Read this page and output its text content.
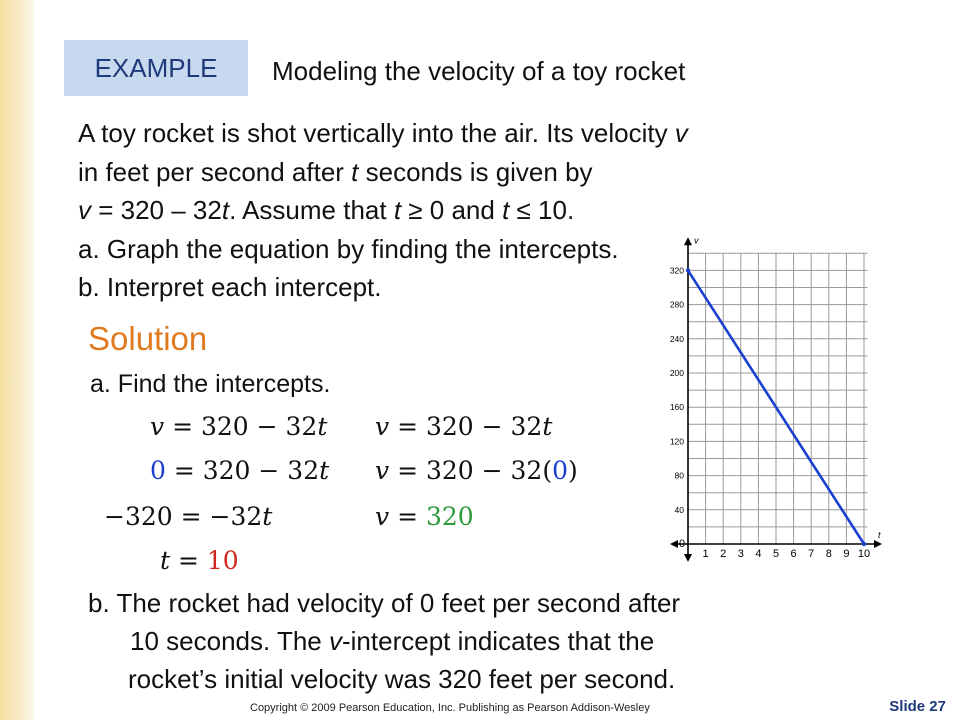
EXAMPLE	Modeling the velocity of a toy rocket
A toy rocket is shot vertically into the air. Its velocity v
in feet per second after t seconds is given by
v = 320 – 32t. Assume that t ≥ 0 and t ≤ 10.
a. Graph the equation by finding the intercepts.
b. Interpret each intercept.
Solution
a. Find the intercepts.
v = 320 − 32t
0 = 320 − 32t
−320 = −32t
t = 10
v = 320 − 32t
v = 320 − 32(0)
v = 320
0
1 2 3 4 5 6 7 8 9 10
40
80
120
160
200
240
280
320
t
v
b. The rocket had velocity of 0 feet per second after
10 seconds. The v-intercept indicates that the
rocket’s initial velocity was 320 feet per second.
Copyright © 2009 Pearson Education, Inc. Publishing as Pearson Addison-Wesley	Slide 27
